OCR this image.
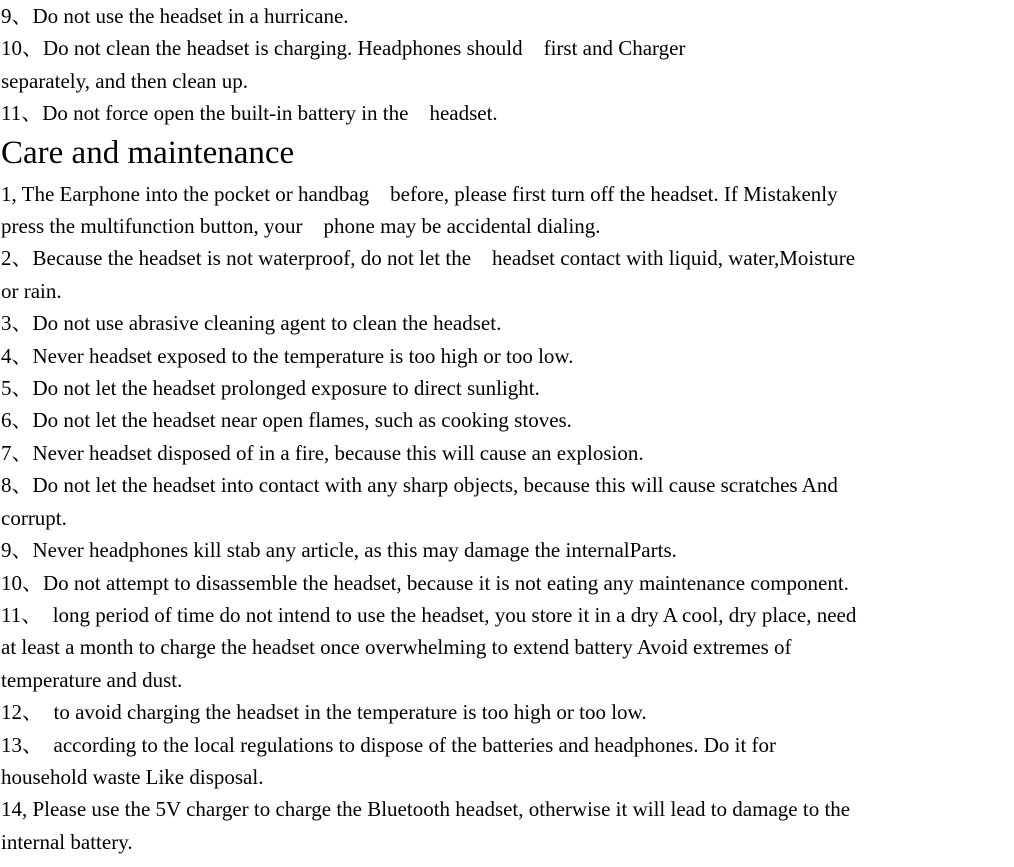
9、Do not use the headset in a hurricane.

10、Do not clean the headset is charging. Headphones should    first and Charger

separately, and then clean up.

11、Do not force open the built-in battery in the    headset.

Care and maintenance

1, The Earphone into the pocket or handbag    before, please first turn off the headset. If Mistakenly

press the multifunction button, your    phone may be accidental dialing.

2、Because the headset is not waterproof, do not let the    headset contact with liquid, water,Moisture

or rain.

3、Do not use abrasive cleaning agent to clean the headset.

4、Never headset exposed to the temperature is too high or too low.

5、Do not let the headset prolonged exposure to direct sunlight.

6、Do not let the headset near open flames, such as cooking stoves.

7、Never headset disposed of in a fire, because this will cause an explosion.

8、Do not let the headset into contact with any sharp objects, because this will cause scratches And

corrupt.

9、Never headphones kill stab any article, as this may damage the internalParts.

10、Do not attempt to disassemble the headset, because it is not eating any maintenance component.

11、  long period of time do not intend to use the headset, you store it in a dry A cool, dry place, need

at least a month to charge the headset once overwhelming to extend battery Avoid extremes of

temperature and dust.

12、  to avoid charging the headset in the temperature is too high or too low.

13、  according to the local regulations to dispose of the batteries and headphones. Do it for

household waste Like disposal.

14, Please use the 5V charger to charge the Bluetooth headset, otherwise it will lead to damage to the

internal battery.
